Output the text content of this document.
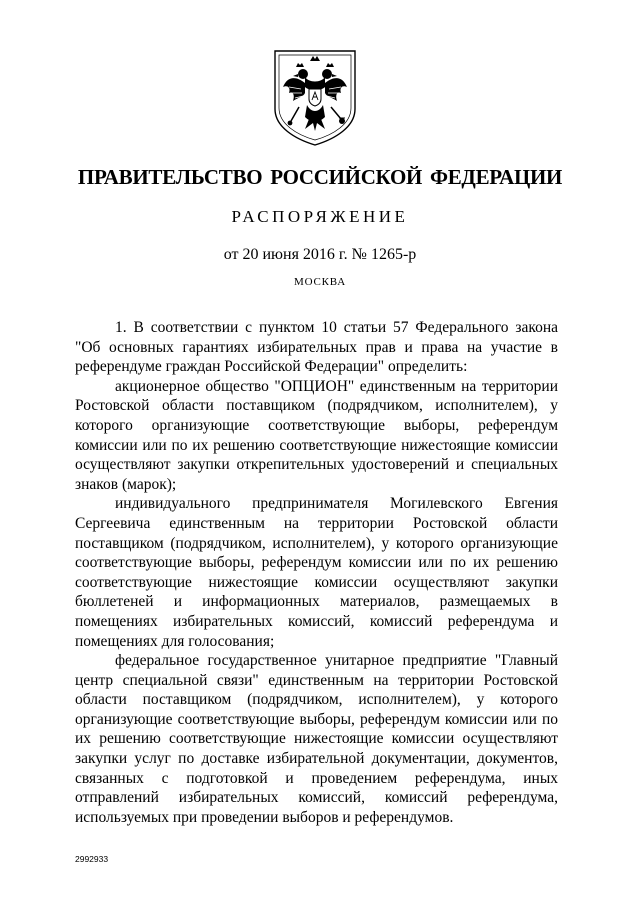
ПРАВИТЕЛЬСТВО РОССИЙСКОЙ ФЕДЕРАЦИИ
РАСПОРЯЖЕНИЕ
от 20 июня 2016 г. № 1265-р
МОСКВА

1. В соответствии с пунктом 10 статьи 57 Федерального закона "Об основных гарантиях избирательных прав и права на участие в референдуме граждан Российской Федерации" определить:

акционерное общество "ОПЦИОН" единственным на территории Ростовской области поставщиком (подрядчиком, исполнителем), у которого организующие соответствующие выборы, референдум комиссии или по их решению соответствующие нижестоящие комиссии осуществляют закупки открепительных удостоверений и специальных знаков (марок);

индивидуального предпринимателя Могилевского Евгения Сергеевича единственным на территории Ростовской области поставщиком (подрядчиком, исполнителем), у которого организующие соответствующие выборы, референдум комиссии или по их решению соответствующие нижестоящие комиссии осуществляют закупки бюллетеней и информационных материалов, размещаемых в помещениях избирательных комиссий, комиссий референдума и помещениях для голосования;

федеральное государственное унитарное предприятие "Главный центр специальной связи" единственным на территории Ростовской области поставщиком (подрядчиком, исполнителем), у которого организующие соответствующие выборы, референдум комиссии или по их решению соответствующие нижестоящие комиссии осуществляют закупки услуг по доставке избирательной документации, документов, связанных с подготовкой и проведением референдума, иных отправлений избирательных комиссий, комиссий референдума, используемых при проведении выборов и референдумов.

2992933
